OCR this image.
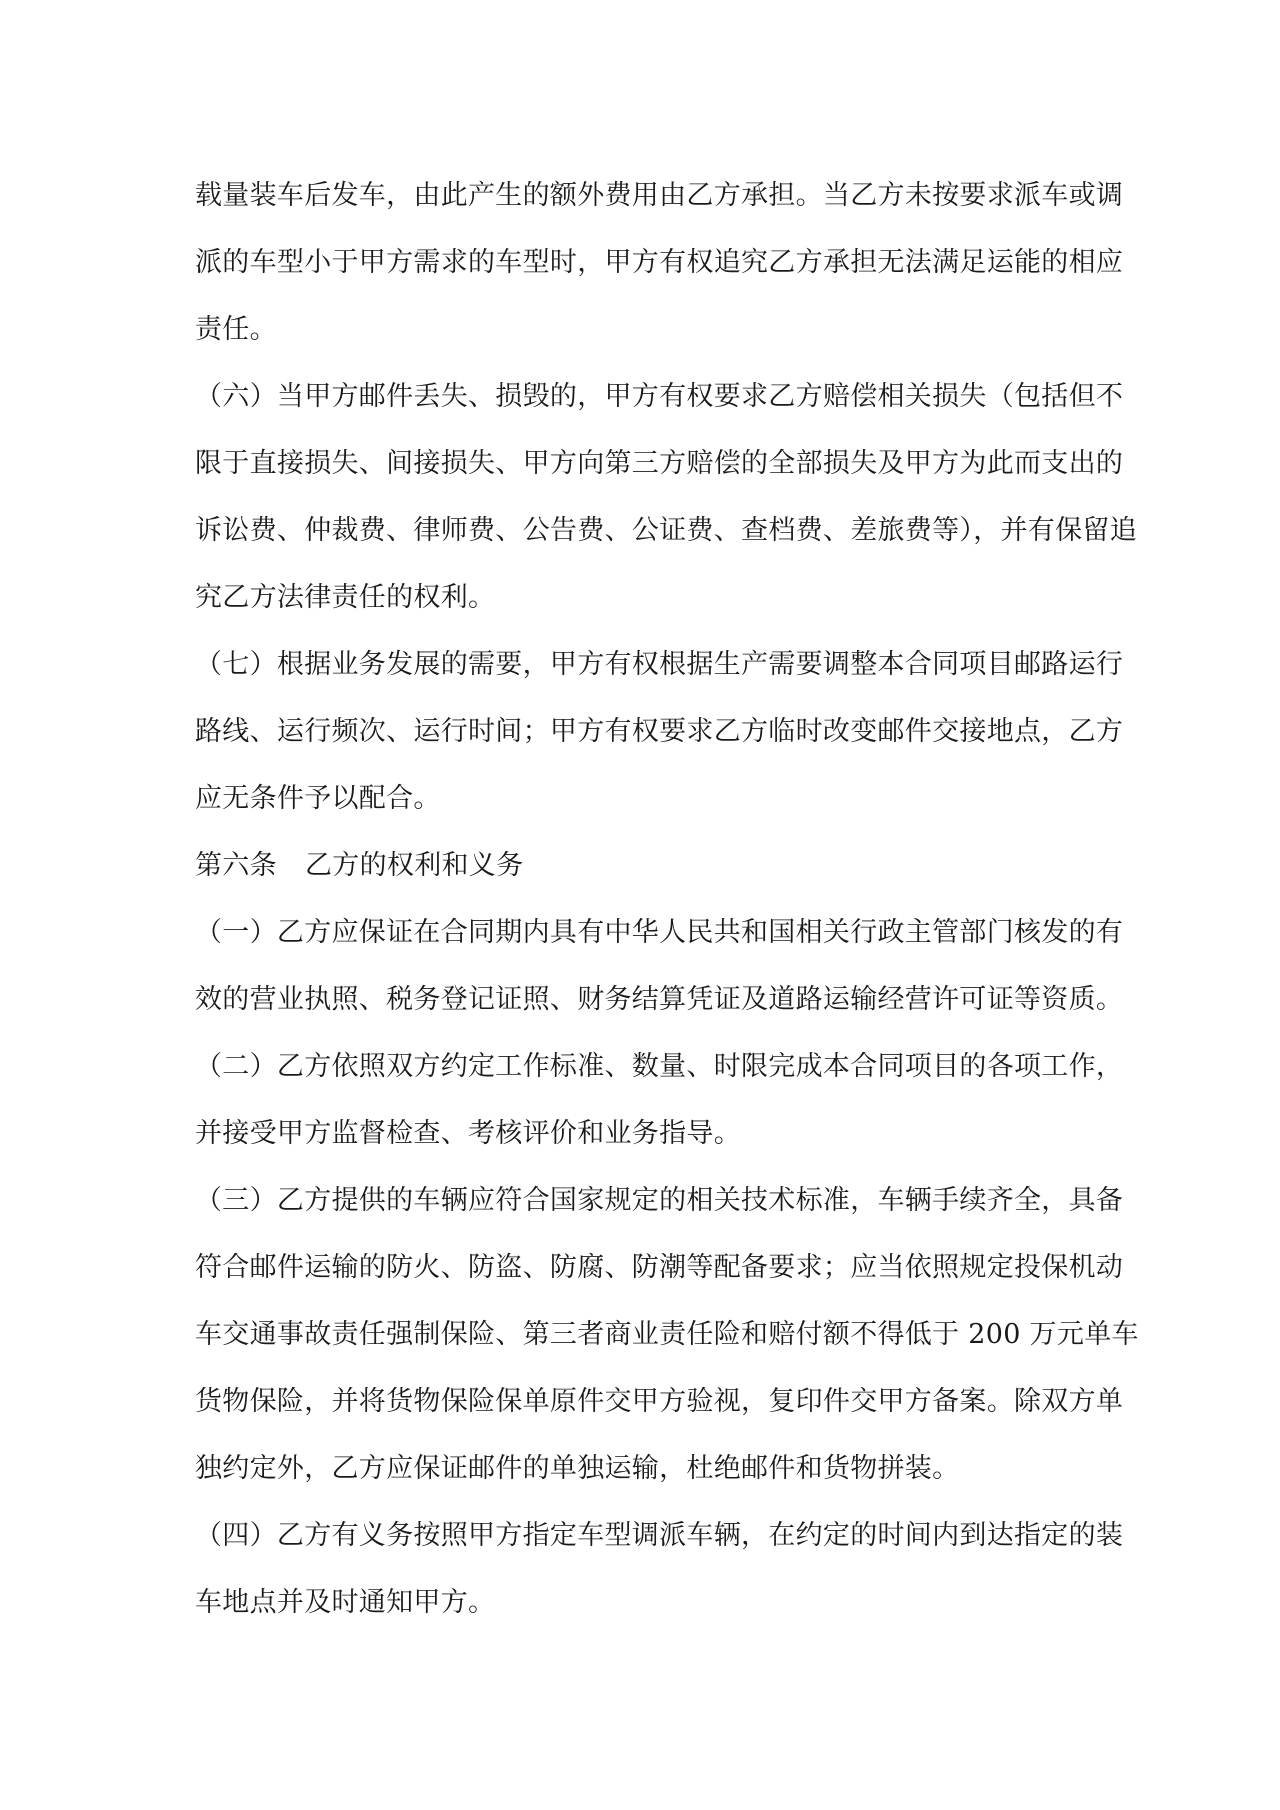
载量装车后发车，由此产生的额外费用由乙方承担。当乙方未按要求派车或调
派的车型小于甲方需求的车型时，甲方有权追究乙方承担无法满足运能的相应
责任。
（六）当甲方邮件丢失、损毁的，甲方有权要求乙方赔偿相关损失（包括但不
限于直接损失、间接损失、甲方向第三方赔偿的全部损失及甲方为此而支出的
诉讼费、仲裁费、律师费、公告费、公证费、查档费、差旅费等），并有保留追
究乙方法律责任的权利。
（七）根据业务发展的需要，甲方有权根据生产需要调整本合同项目邮路运行
路线、运行频次、运行时间；甲方有权要求乙方临时改变邮件交接地点，乙方
应无条件予以配合。
第六条 乙方的权利和义务
（一）乙方应保证在合同期内具有中华人民共和国相关行政主管部门核发的有
效的营业执照、税务登记证照、财务结算凭证及道路运输经营许可证等资质。
（二）乙方依照双方约定工作标准、数量、时限完成本合同项目的各项工作，
并接受甲方监督检查、考核评价和业务指导。
（三）乙方提供的车辆应符合国家规定的相关技术标准，车辆手续齐全，具备
符合邮件运输的防火、防盗、防腐、防潮等配备要求；应当依照规定投保机动
车交通事故责任强制保险、第三者商业责任险和赔付额不得低于 200 万元单车
货物保险，并将货物保险保单原件交甲方验视，复印件交甲方备案。除双方单
独约定外，乙方应保证邮件的单独运输，杜绝邮件和货物拼装。
（四）乙方有义务按照甲方指定车型调派车辆，在约定的时间内到达指定的装
车地点并及时通知甲方。
